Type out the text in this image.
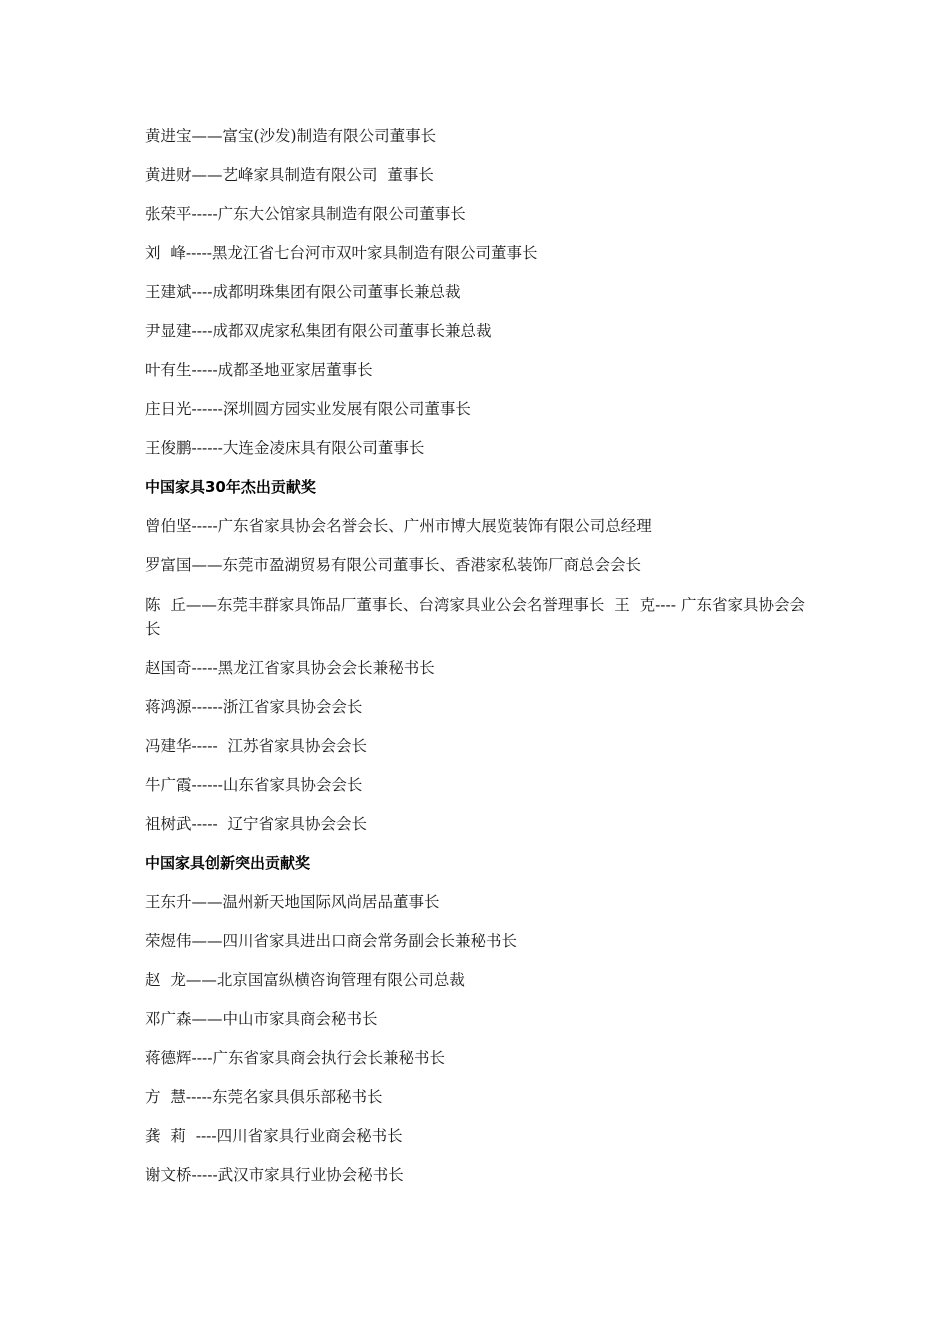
黄进宝——富宝(沙发)制造有限公司董事长
黄进财——艺峰家具制造有限公司  董事长
张荣平-----广东大公馆家具制造有限公司董事长
刘  峰-----黑龙江省七台河市双叶家具制造有限公司董事长
王建斌----成都明珠集团有限公司董事长兼总裁
尹显建----成都双虎家私集团有限公司董事长兼总裁
叶有生-----成都圣地亚家居董事长
庄日光------深圳圆方园实业发展有限公司董事长
王俊鹏------大连金凌床具有限公司董事长
中国家具30年杰出贡献奖
曾伯坚-----广东省家具协会名誉会长、广州市博大展览装饰有限公司总经理
罗富国——东莞市盈湖贸易有限公司董事长、香港家私装饰厂商总会会长
陈  丘——东莞丰群家具饰品厂董事长、台湾家具业公会名誉理事长  王  克---- 广东省家具协会会长
赵国奇-----黑龙江省家具协会会长兼秘书长
蒋鸿源------浙江省家具协会会长
冯建华-----  江苏省家具协会会长
牛广霞------山东省家具协会会长
祖树武-----  辽宁省家具协会会长
中国家具创新突出贡献奖
王东升——温州新天地国际风尚居品董事长
荣煜伟——四川省家具进出口商会常务副会长兼秘书长
赵  龙——北京国富纵横咨询管理有限公司总裁
邓广森——中山市家具商会秘书长
蒋德辉----广东省家具商会执行会长兼秘书长
方  慧-----东莞名家具俱乐部秘书长
龚  莉  ----四川省家具行业商会秘书长
谢文桥-----武汉市家具行业协会秘书长
